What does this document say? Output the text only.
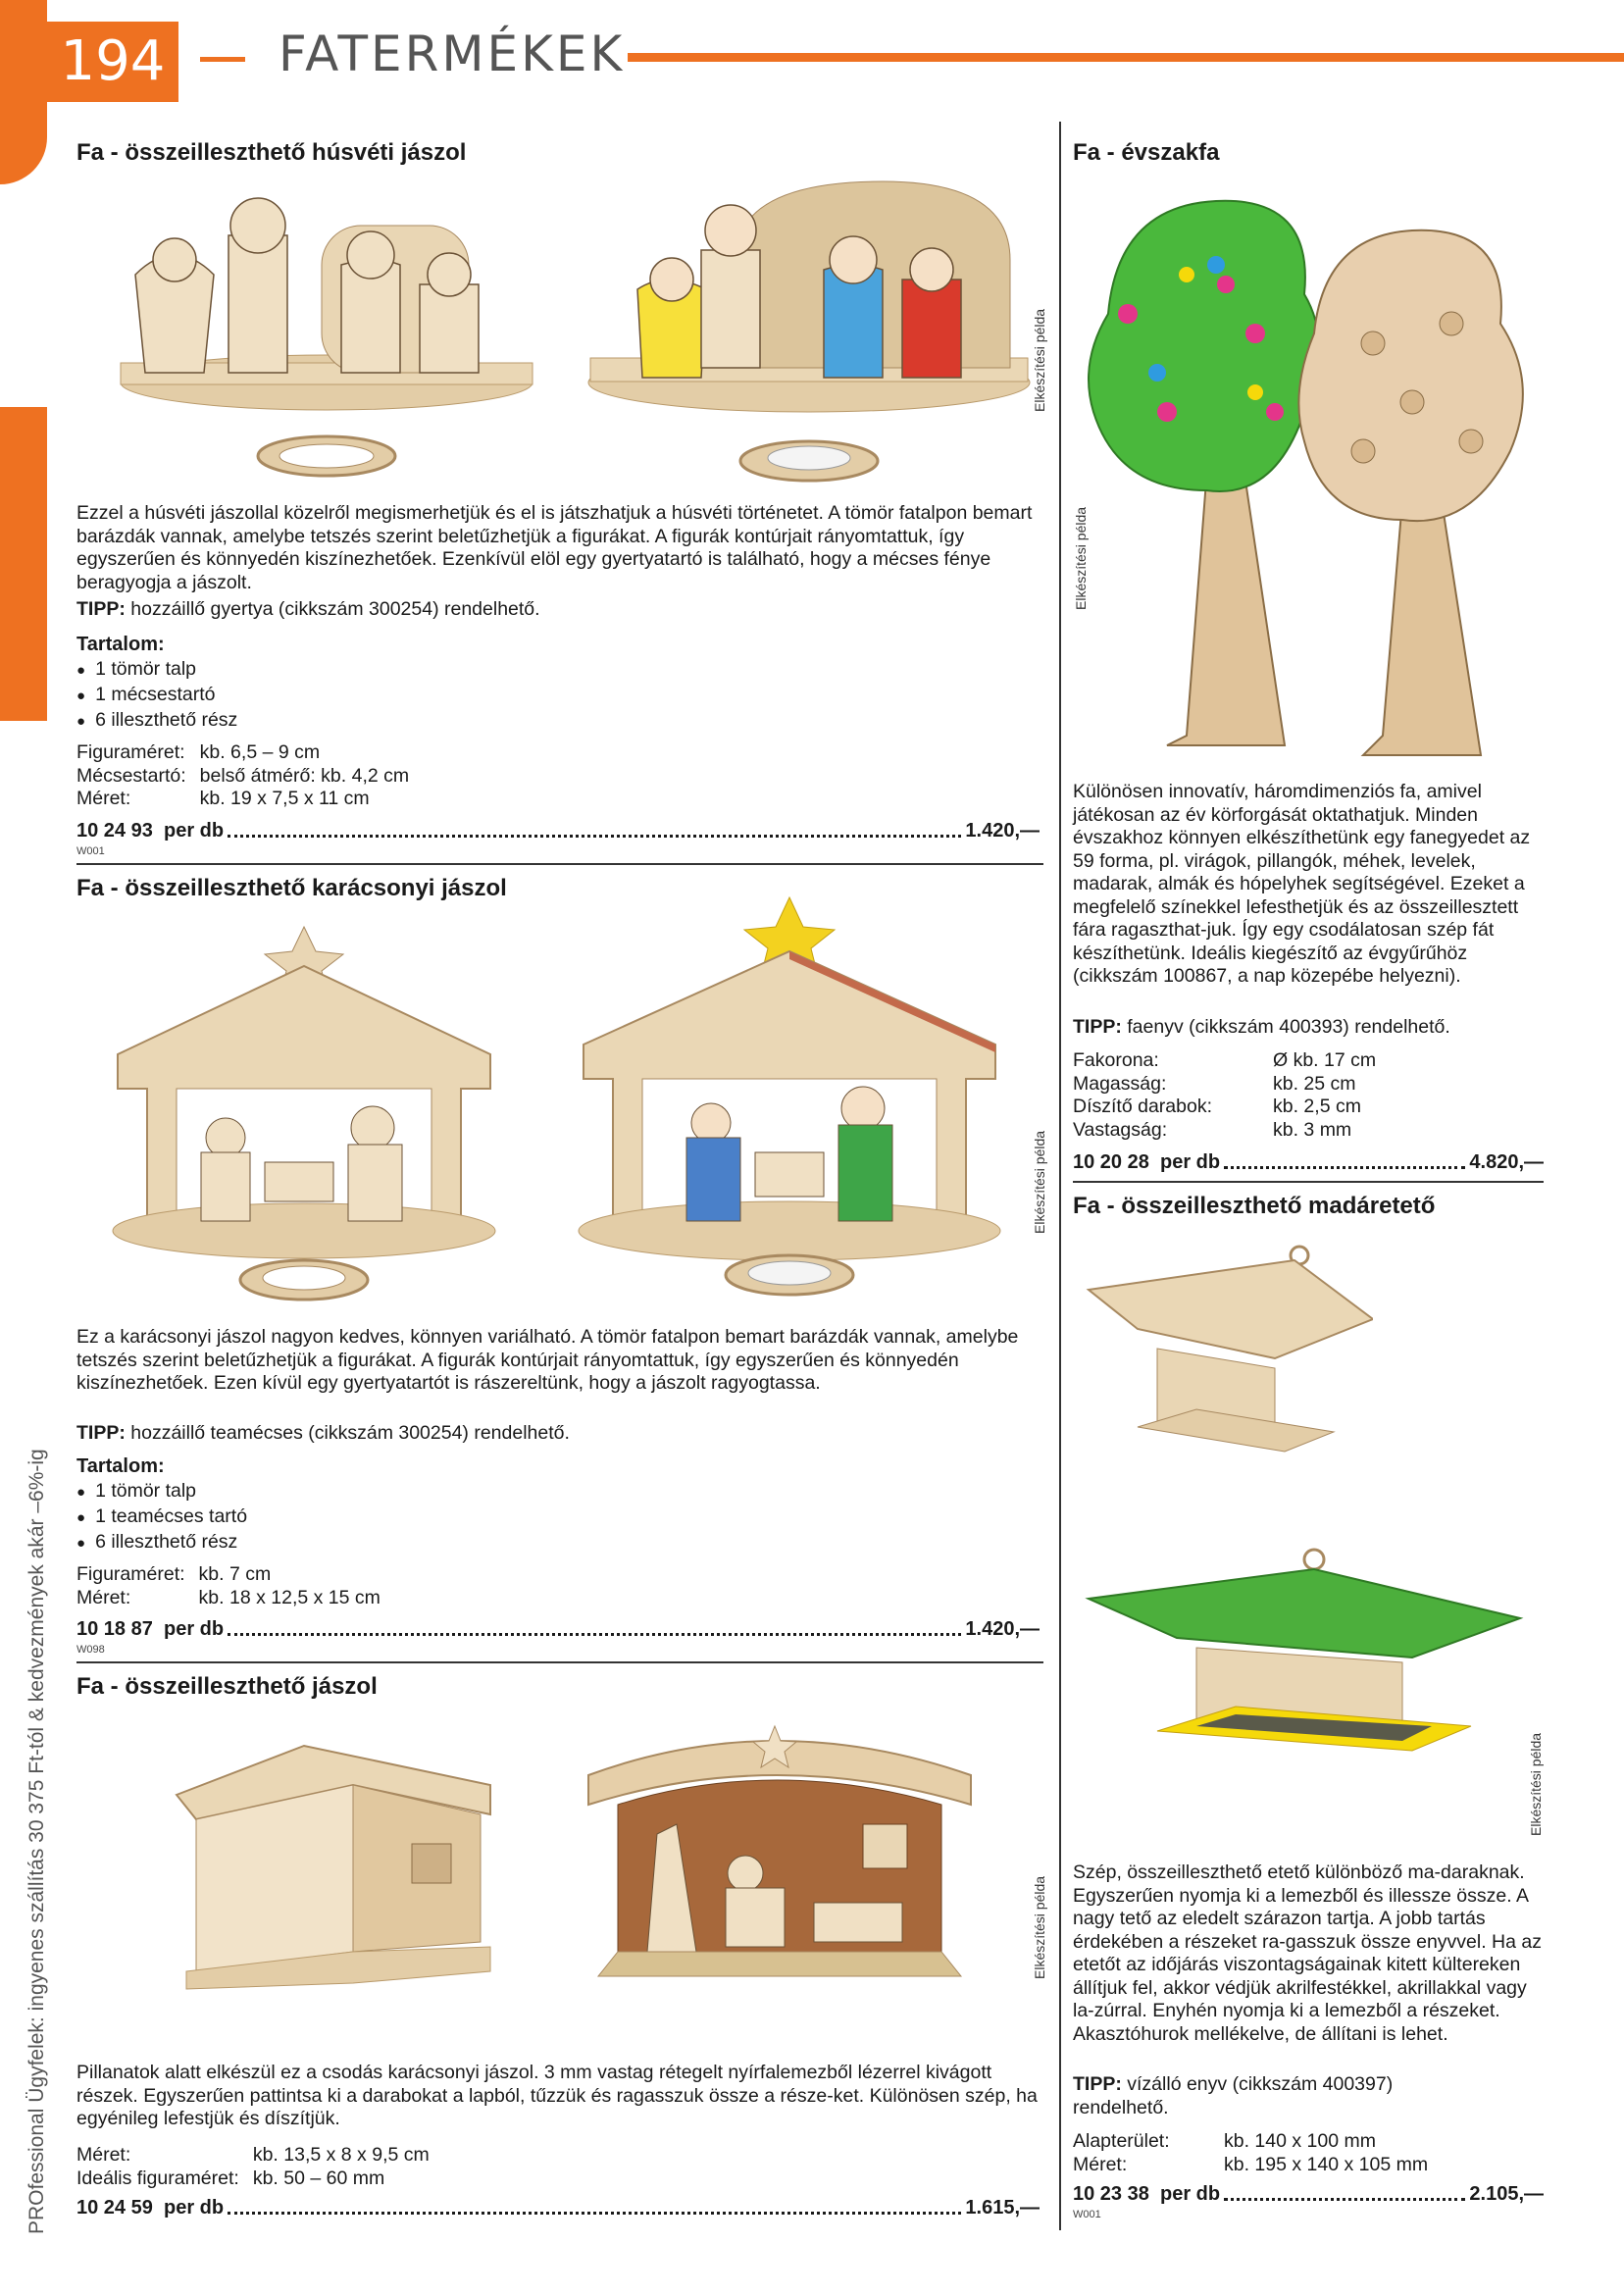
194 FATERMÉKEK
PROfessional Ügyfelek: ingyenes szállítás 30 375 Ft-tól & kedvezmények akár –6%-ig
Fa - összeilleszthető húsvéti jászol
Elkészítési példa
Ezzel a húsvéti jászollal közelről megismerhetjük és el is játszhatjuk a húsvéti történetet. A tömör fatalpon bemart barázdák vannak, amelybe tetszés szerint beletűzhetjük a figurákat. A figurák kontúrjait rányomtattuk, így egyszerűen és könnyedén kiszínezhetőek. Ezenkívül elöl egy gyertyatartó is található, hogy a mécses fénye beragyogja a jászolt.
TIPP: hozzáillő gyertya (cikkszám 300254) rendelhető.
Tartalom:
● 1 tömör talp
● 1 mécsestartó
● 6 illeszthető rész
Figuraméret:	kb. 6,5 – 9 cm
Mécsestartó:	belső átmérő: kb. 4,2 cm
Méret:	kb. 19 x 7,5 x 11 cm
10 24 93
per db	1.420,—
W001
Fa - összeilleszthető karácsonyi jászol
Elkészítési példa
Ez a karácsonyi jászol nagyon kedves, könnyen variálható. A tömör fatalpon bemart barázdák vannak, amelybe tetszés szerint beletűzhetjük a figurákat. A figurák kontúrjait rányomtattuk, így egyszerűen és könnyedén kiszínezhetőek. Ezen kívül egy gyertyatartót is rászereltünk, hogy a jászolt ragyogtassa.
TIPP: hozzáillő teamécses (cikkszám 300254) rendelhető.
Tartalom:
● 1 tömör talp
● 1 teamécses tartó
● 6 illeszthető rész
Figuraméret:	kb. 7 cm
Méret:	kb. 18 x 12,5 x 15 cm
10 18 87
per db	1.420,—
W098
Fa - összeilleszthető jászol
Elkészítési példa
Pillanatok alatt elkészül ez a csodás karácsonyi jászol. 3 mm vastag rétegelt nyírfalemezből lézerrel kivágott részek. Egyszerűen pattintsa ki a darabokat a lapból, tűzzük és ragasszuk össze a része-ket. Különösen szép, ha egyénileg lefestjük és díszítjük.
Méret:	kb. 13,5 x 8 x 9,5 cm
Ideális figuraméret:	kb. 50 – 60 mm
10 24 59
per db	1.615,—
Fa - évszakfa
Elkészítési példa
Különösen innovatív, háromdimenziós fa, amivel játékosan az év körforgását oktathatjuk. Minden évszakhoz könnyen elkészíthetünk egy fanegyedet az 59 forma, pl. virágok, pillangók, méhek, levelek, madarak, almák és hópelyhek segítségével. Ezeket a megfelelő színekkel lefesthetjük és az összeillesztett fára ragaszthat-juk. Így egy csodálatosan szép fát készíthetünk. Ideális kiegészítő az évgyűrűhöz (cikkszám 100867, a nap közepébe helyezni).
TIPP: faenyv (cikkszám 400393) rendelhető.
Fakorona:	Ø kb. 17 cm
Magasság:	kb. 25 cm
Díszítő darabok:	kb. 2,5 cm
Vastagság:	kb. 3 mm
10 20 28
per db	4.820,—
Fa - összeilleszthető madáretető
Elkészítési példa
Szép, összeilleszthető etető különböző ma-daraknak. Egyszerűen nyomja ki a lemezből és illessze össze. A nagy tető az eledelt szárazon tartja. A jobb tartás érdekében a részeket ra-gasszuk össze enyvvel. Ha az etetőt az időjárás viszontagságainak kitett kültereken állítjuk fel, akkor védjük akrilfestékkel, akrillakkal vagy la-zúrral. Enyhén nyomja ki a lemezből a részeket. Akasztóhurok mellékelve, de állítani is lehet.
TIPP: vízálló enyv (cikkszám 400397) rendelhető.
Alapterület:	kb. 140 x 100 mm
Méret:	kb. 195 x 140 x 105 mm
10 23 38
per db	2.105,—
W001
